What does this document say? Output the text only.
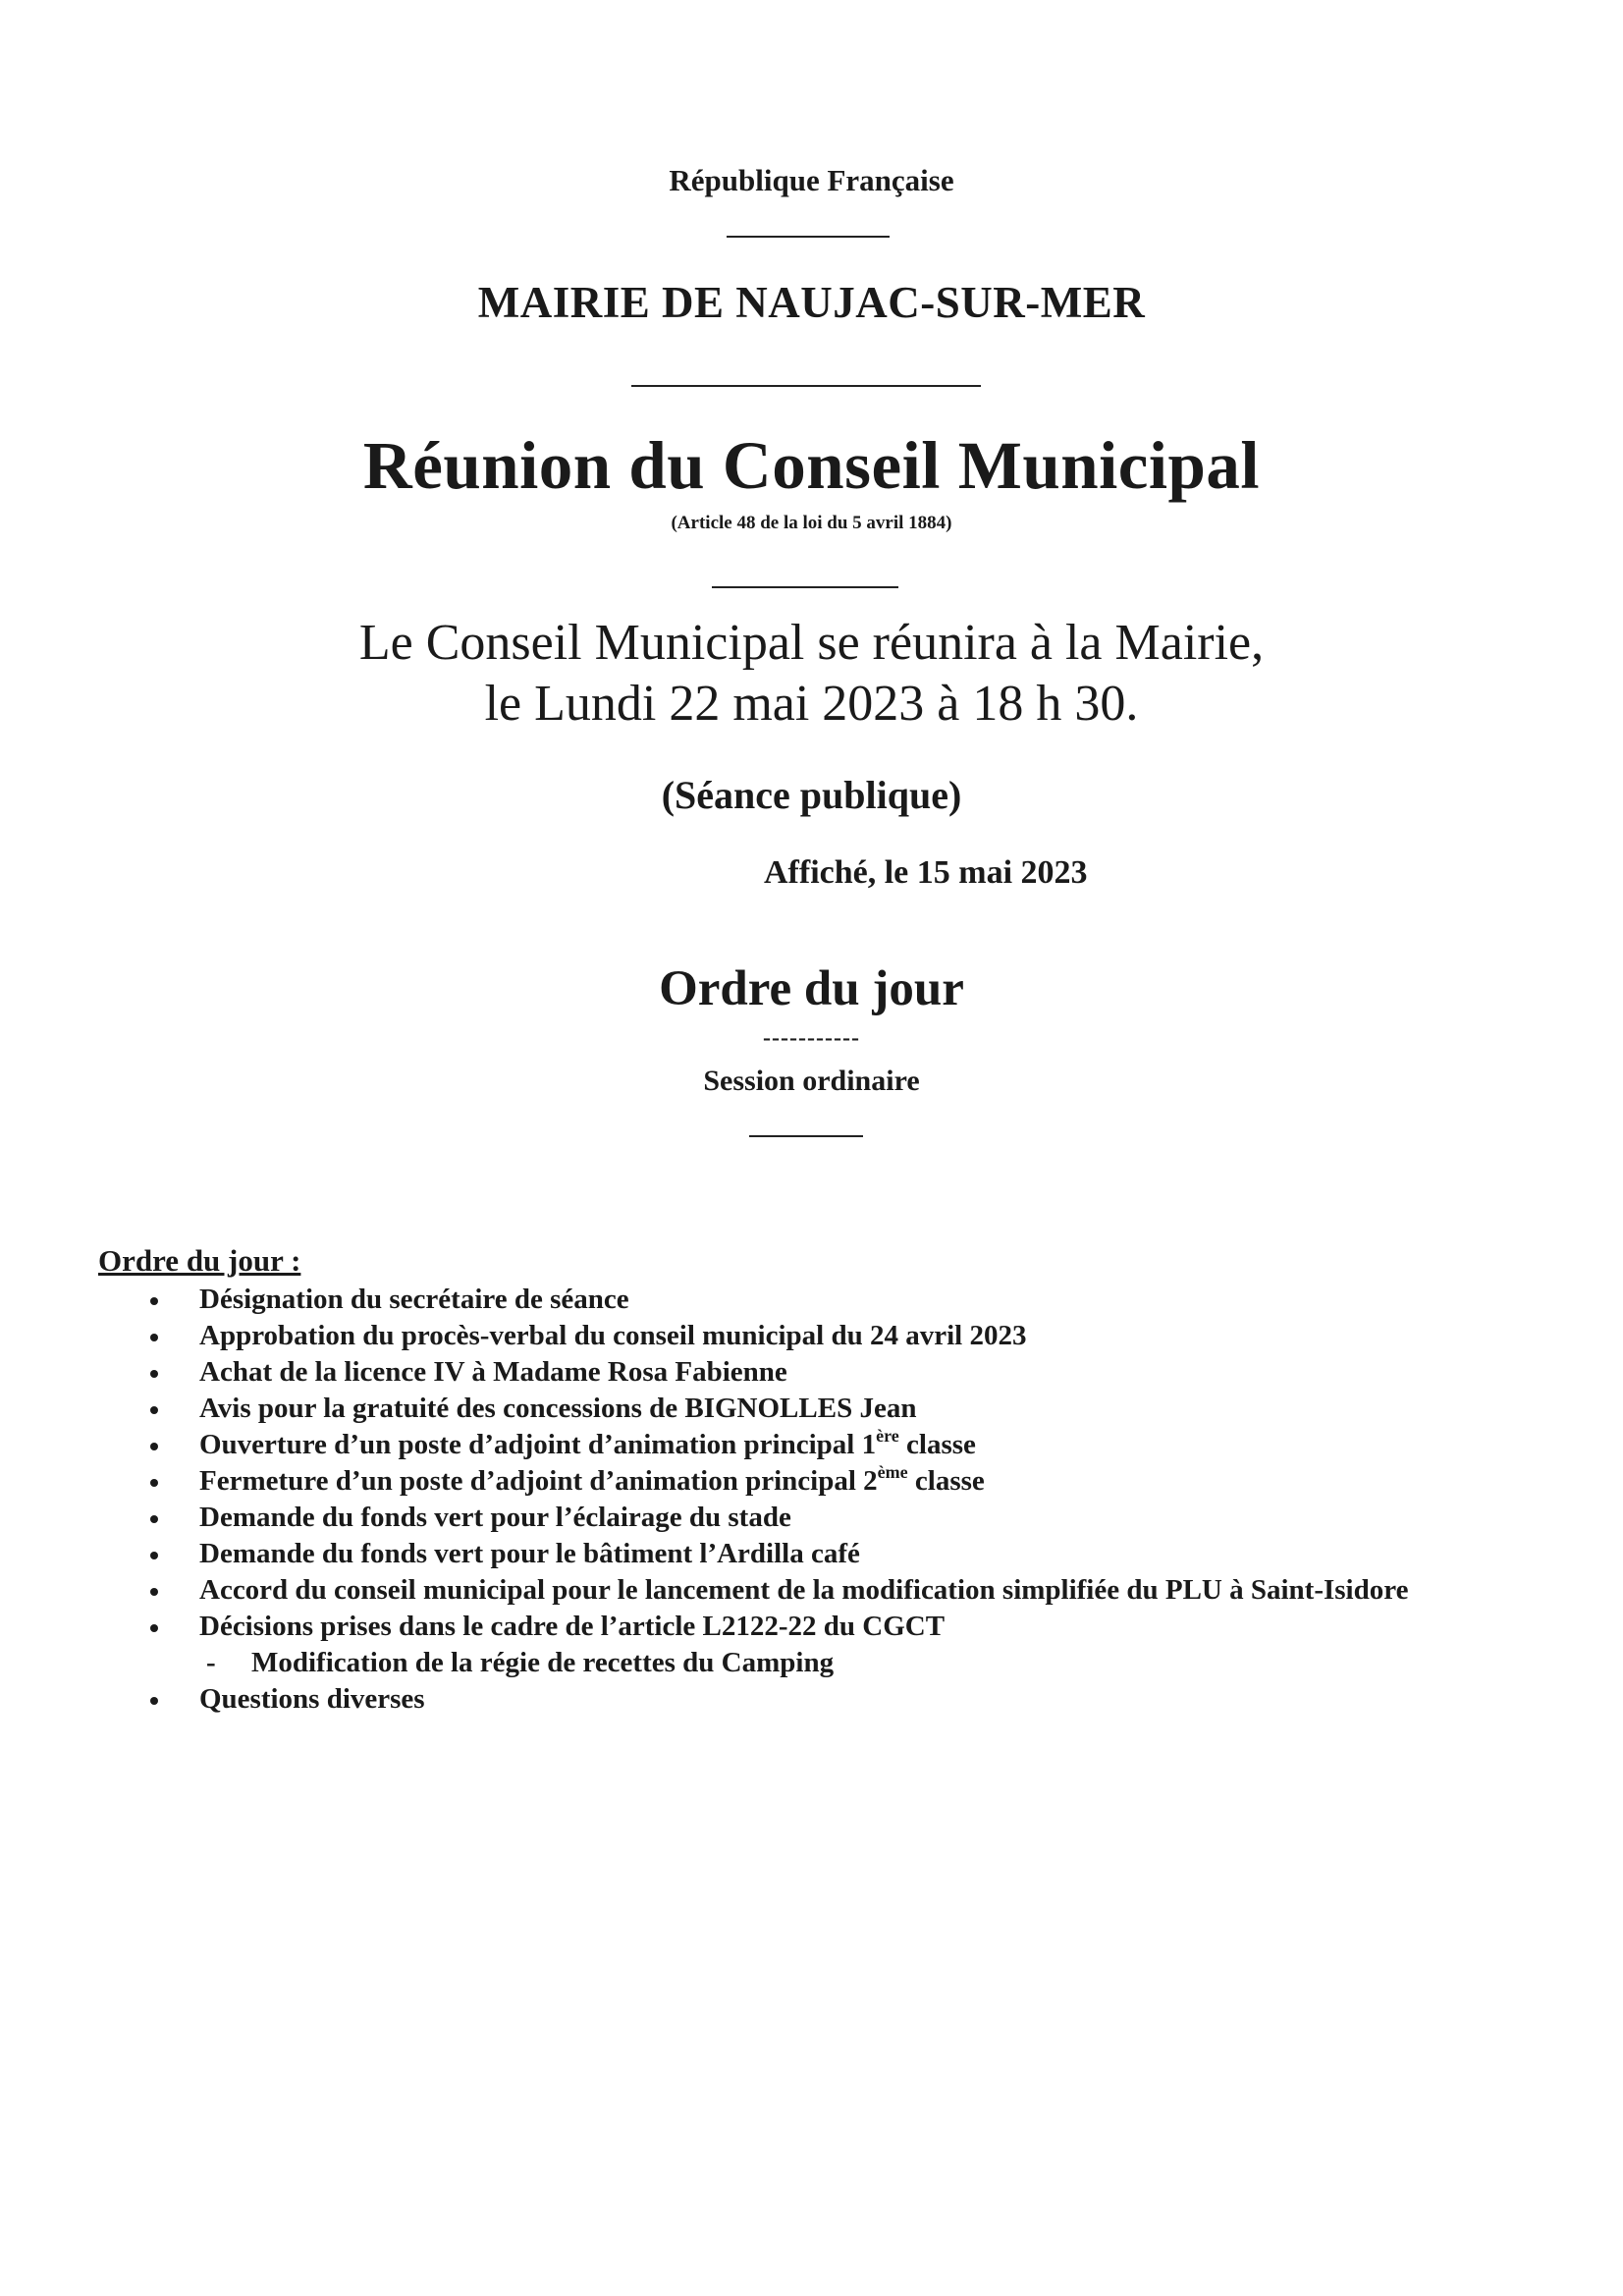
République Française

MAIRIE DE NAUJAC-SUR-MER
Réunion du Conseil Municipal

(Article 48 de la loi du 5 avril 1884)

Le Conseil Municipal se réunira à la Mairie,
le Lundi 22 mai 2023 à 18 h 30.

(Séance publique)

Affiché, le 15 mai 2023

Ordre du jour

-----------

Session ordinaire

Ordre du jour :

Désignation du secrétaire de séance
Approbation du procès-verbal du conseil municipal du 24 avril 2023
Achat de la licence IV à Madame Rosa Fabienne
Avis pour la gratuité des concessions de BIGNOLLES Jean
Ouverture d’un poste d’adjoint d’animation principal 1ère classe
Fermeture d’un poste d’adjoint d’animation principal 2ème classe
Demande du fonds vert pour l’éclairage du stade
Demande du fonds vert pour le bâtiment l’Ardilla café
Accord du conseil municipal pour le lancement de la modification simplifiée du PLU à Saint-Isidore
Décisions prises dans le cadre de l’article L2122-22 du CGCT
- Modification de la régie de recettes du Camping
Questions diverses
